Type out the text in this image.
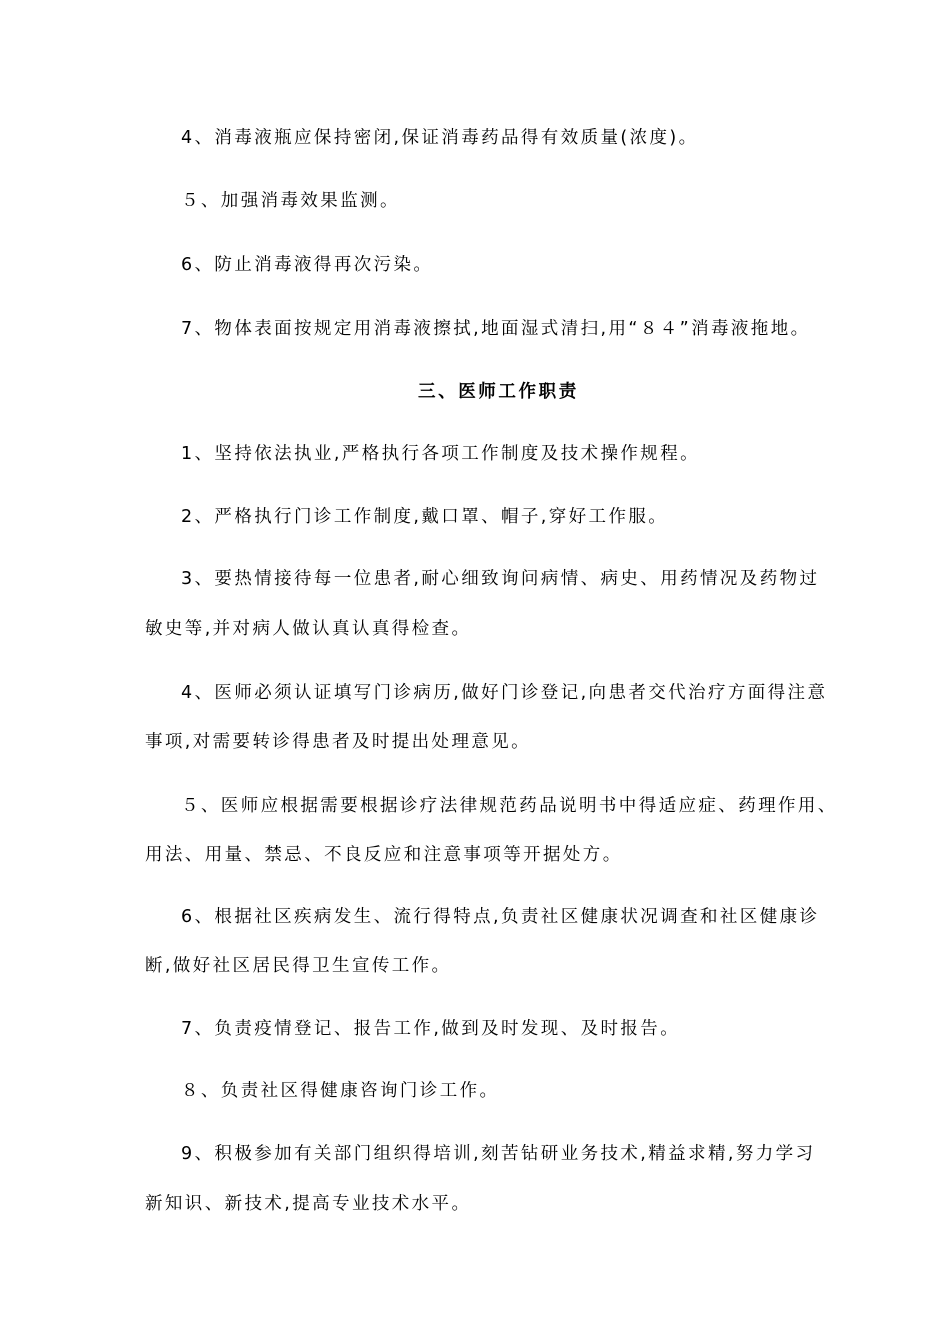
4、消毒液瓶应保持密闭,保证消毒药品得有效质量(浓度)。
５、加强消毒效果监测。
6、防止消毒液得再次污染。
7、物体表面按规定用消毒液擦拭,地面湿式清扫,用“８４”消毒液拖地。
三、医师工作职责
1、坚持依法执业,严格执行各项工作制度及技术操作规程。
2、严格执行门诊工作制度,戴口罩、帽子,穿好工作服。
3、要热情接待每一位患者,耐心细致询问病情、病史、用药情况及药物过
敏史等,并对病人做认真认真得检查。
4、医师必须认证填写门诊病历,做好门诊登记,向患者交代治疗方面得注意
事项,对需要转诊得患者及时提出处理意见。
５、医师应根据需要根据诊疗法律规范药品说明书中得适应症、药理作用、
用法、用量、禁忌、不良反应和注意事项等开据处方。
6、根据社区疾病发生、流行得特点,负责社区健康状况调查和社区健康诊
断,做好社区居民得卫生宣传工作。
7、负责疫情登记、报告工作,做到及时发现、及时报告。
８、负责社区得健康咨询门诊工作。
9、积极参加有关部门组织得培训,刻苦钻研业务技术,精益求精,努力学习
新知识、新技术,提高专业技术水平。
